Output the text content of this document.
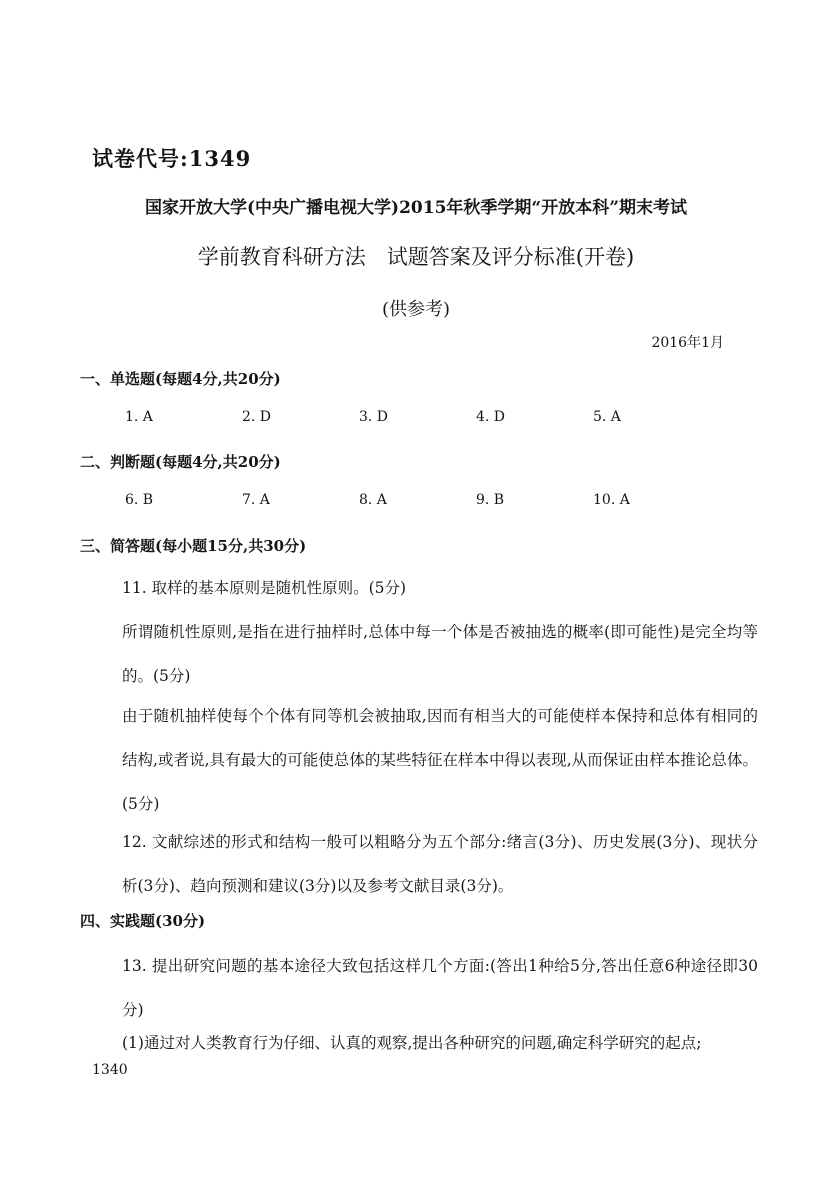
试卷代号:1349
国家开放大学(中央广播电视大学)2015年秋季学期“开放本科”期末考试
学前教育科研方法　试题答案及评分标准(开卷)
(供参考)
2016年1月
一、单选题(每题4分,共20分)
1. A	2. D	3. D	4. D	5. A
二、判断题(每题4分,共20分)
6. B	7. A	8. A	9. B	10. A
三、简答题(每小题15分,共30分)

11. 取样的基本原则是随机性原则。(5分)

所谓随机性原则,是指在进行抽样时,总体中每一个体是否被抽选的概率(即可能性)是完全均等的。(5分)

由于随机抽样使每个个体有同等机会被抽取,因而有相当大的可能使样本保持和总体有相同的结构,或者说,具有最大的可能使总体的某些特征在样本中得以表现,从而保证由样本推论总体。(5分)

12. 文献综述的形式和结构一般可以粗略分为五个部分:绪言(3分)、历史发展(3分)、现状分析(3分)、趋向预测和建议(3分)以及参考文献目录(3分)。

四、实践题(30分)

13. 提出研究问题的基本途径大致包括这样几个方面:(答出1种给5分,答出任意6种途径即30分)

(1)通过对人类教育行为仔细、认真的观察,提出各种研究的问题,确定科学研究的起点;

1340
